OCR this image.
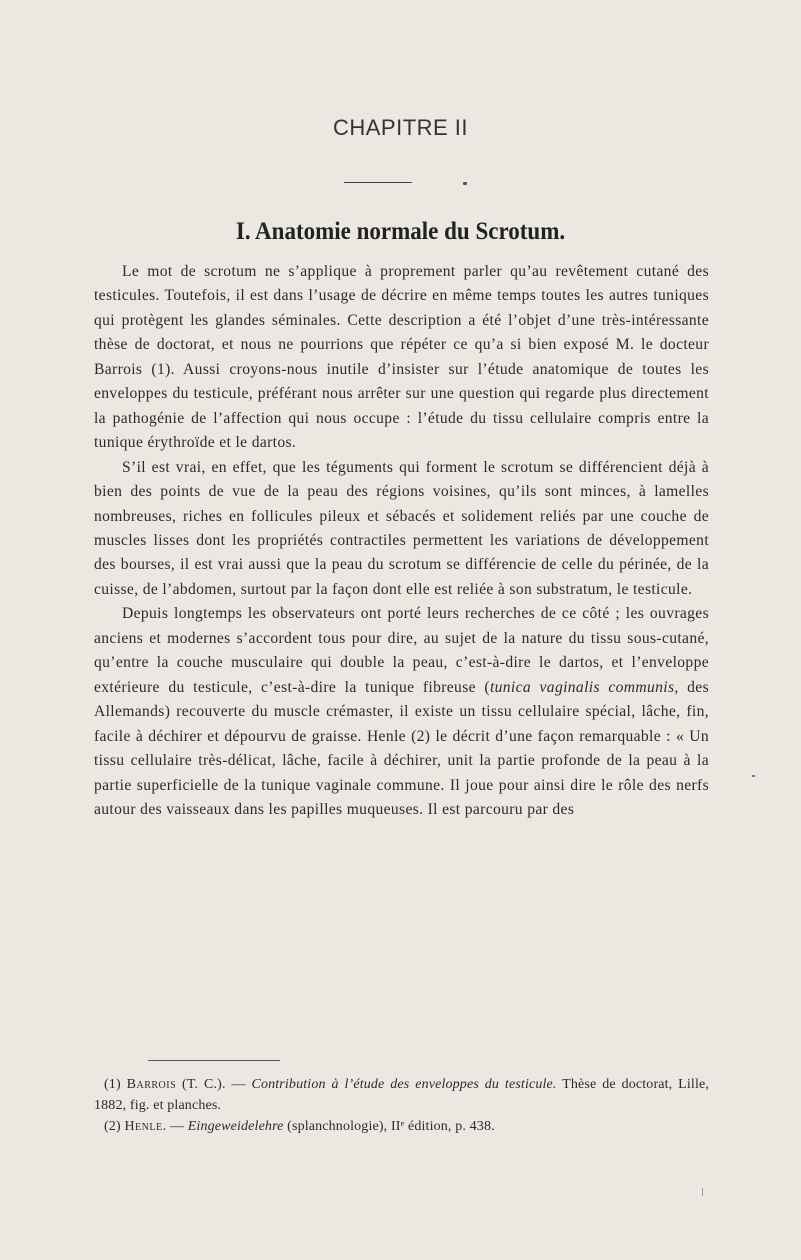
CHAPITRE II
I. Anatomie normale du Scrotum.

Le mot de scrotum ne s’applique à proprement parler qu’au revêtement cutané des testicules. Toutefois, il est dans l’usage de décrire en même temps toutes les autres tuniques qui protègent les glandes séminales. Cette description a été l’objet d’une très-intéressante thèse de doctorat, et nous ne pourrions que répéter ce qu’a si bien exposé M. le docteur Barrois (1). Aussi croyons-nous inutile d’insister sur l’étude anatomique de toutes les enveloppes du testicule, préférant nous arrêter sur une question qui regarde plus directement la pathogénie de l’affection qui nous occupe : l’étude du tissu cellulaire compris entre la tunique érythroïde et le dartos.

S’il est vrai, en effet, que les téguments qui forment le scrotum se différencient déjà à bien des points de vue de la peau des régions voisines, qu’ils sont minces, à lamelles nombreuses, riches en follicules pileux et sébacés et solidement reliés par une couche de muscles lisses dont les propriétés contractiles permettent les variations de développement des bourses, il est vrai aussi que la peau du scrotum se différencie de celle du périnée, de la cuisse, de l’abdomen, surtout par la façon dont elle est reliée à son substratum, le testicule.

Depuis longtemps les observateurs ont porté leurs recherches de ce côté ; les ouvrages anciens et modernes s’accordent tous pour dire, au sujet de la nature du tissu sous-cutané, qu’entre la couche musculaire qui double la peau, c’est-à-dire le dartos, et l’enveloppe extérieure du testicule, c’est-à-dire la tunique fibreuse (tunica vaginalis communis, des Allemands) recouverte du muscle crémaster, il existe un tissu cellulaire spécial, lâche, fin, facile à déchirer et dépourvu de graisse. Henle (2) le décrit d’une façon remarquable : « Un tissu cellulaire très-délicat, lâche, facile à déchirer, unit la partie profonde de la peau à la partie superficielle de la tunique vaginale commune. Il joue pour ainsi dire le rôle des nerfs autour des vaisseaux dans les papilles muqueuses. Il est parcouru par des

(1) Barrois (T. C.). — Contribution à l’étude des enveloppes du testicule. Thèse de doctorat, Lille, 1882, fig. et planches.

(2) Henle. — Eingeweidelehre (splanchnologie), IIᵉ édition, p. 438.
